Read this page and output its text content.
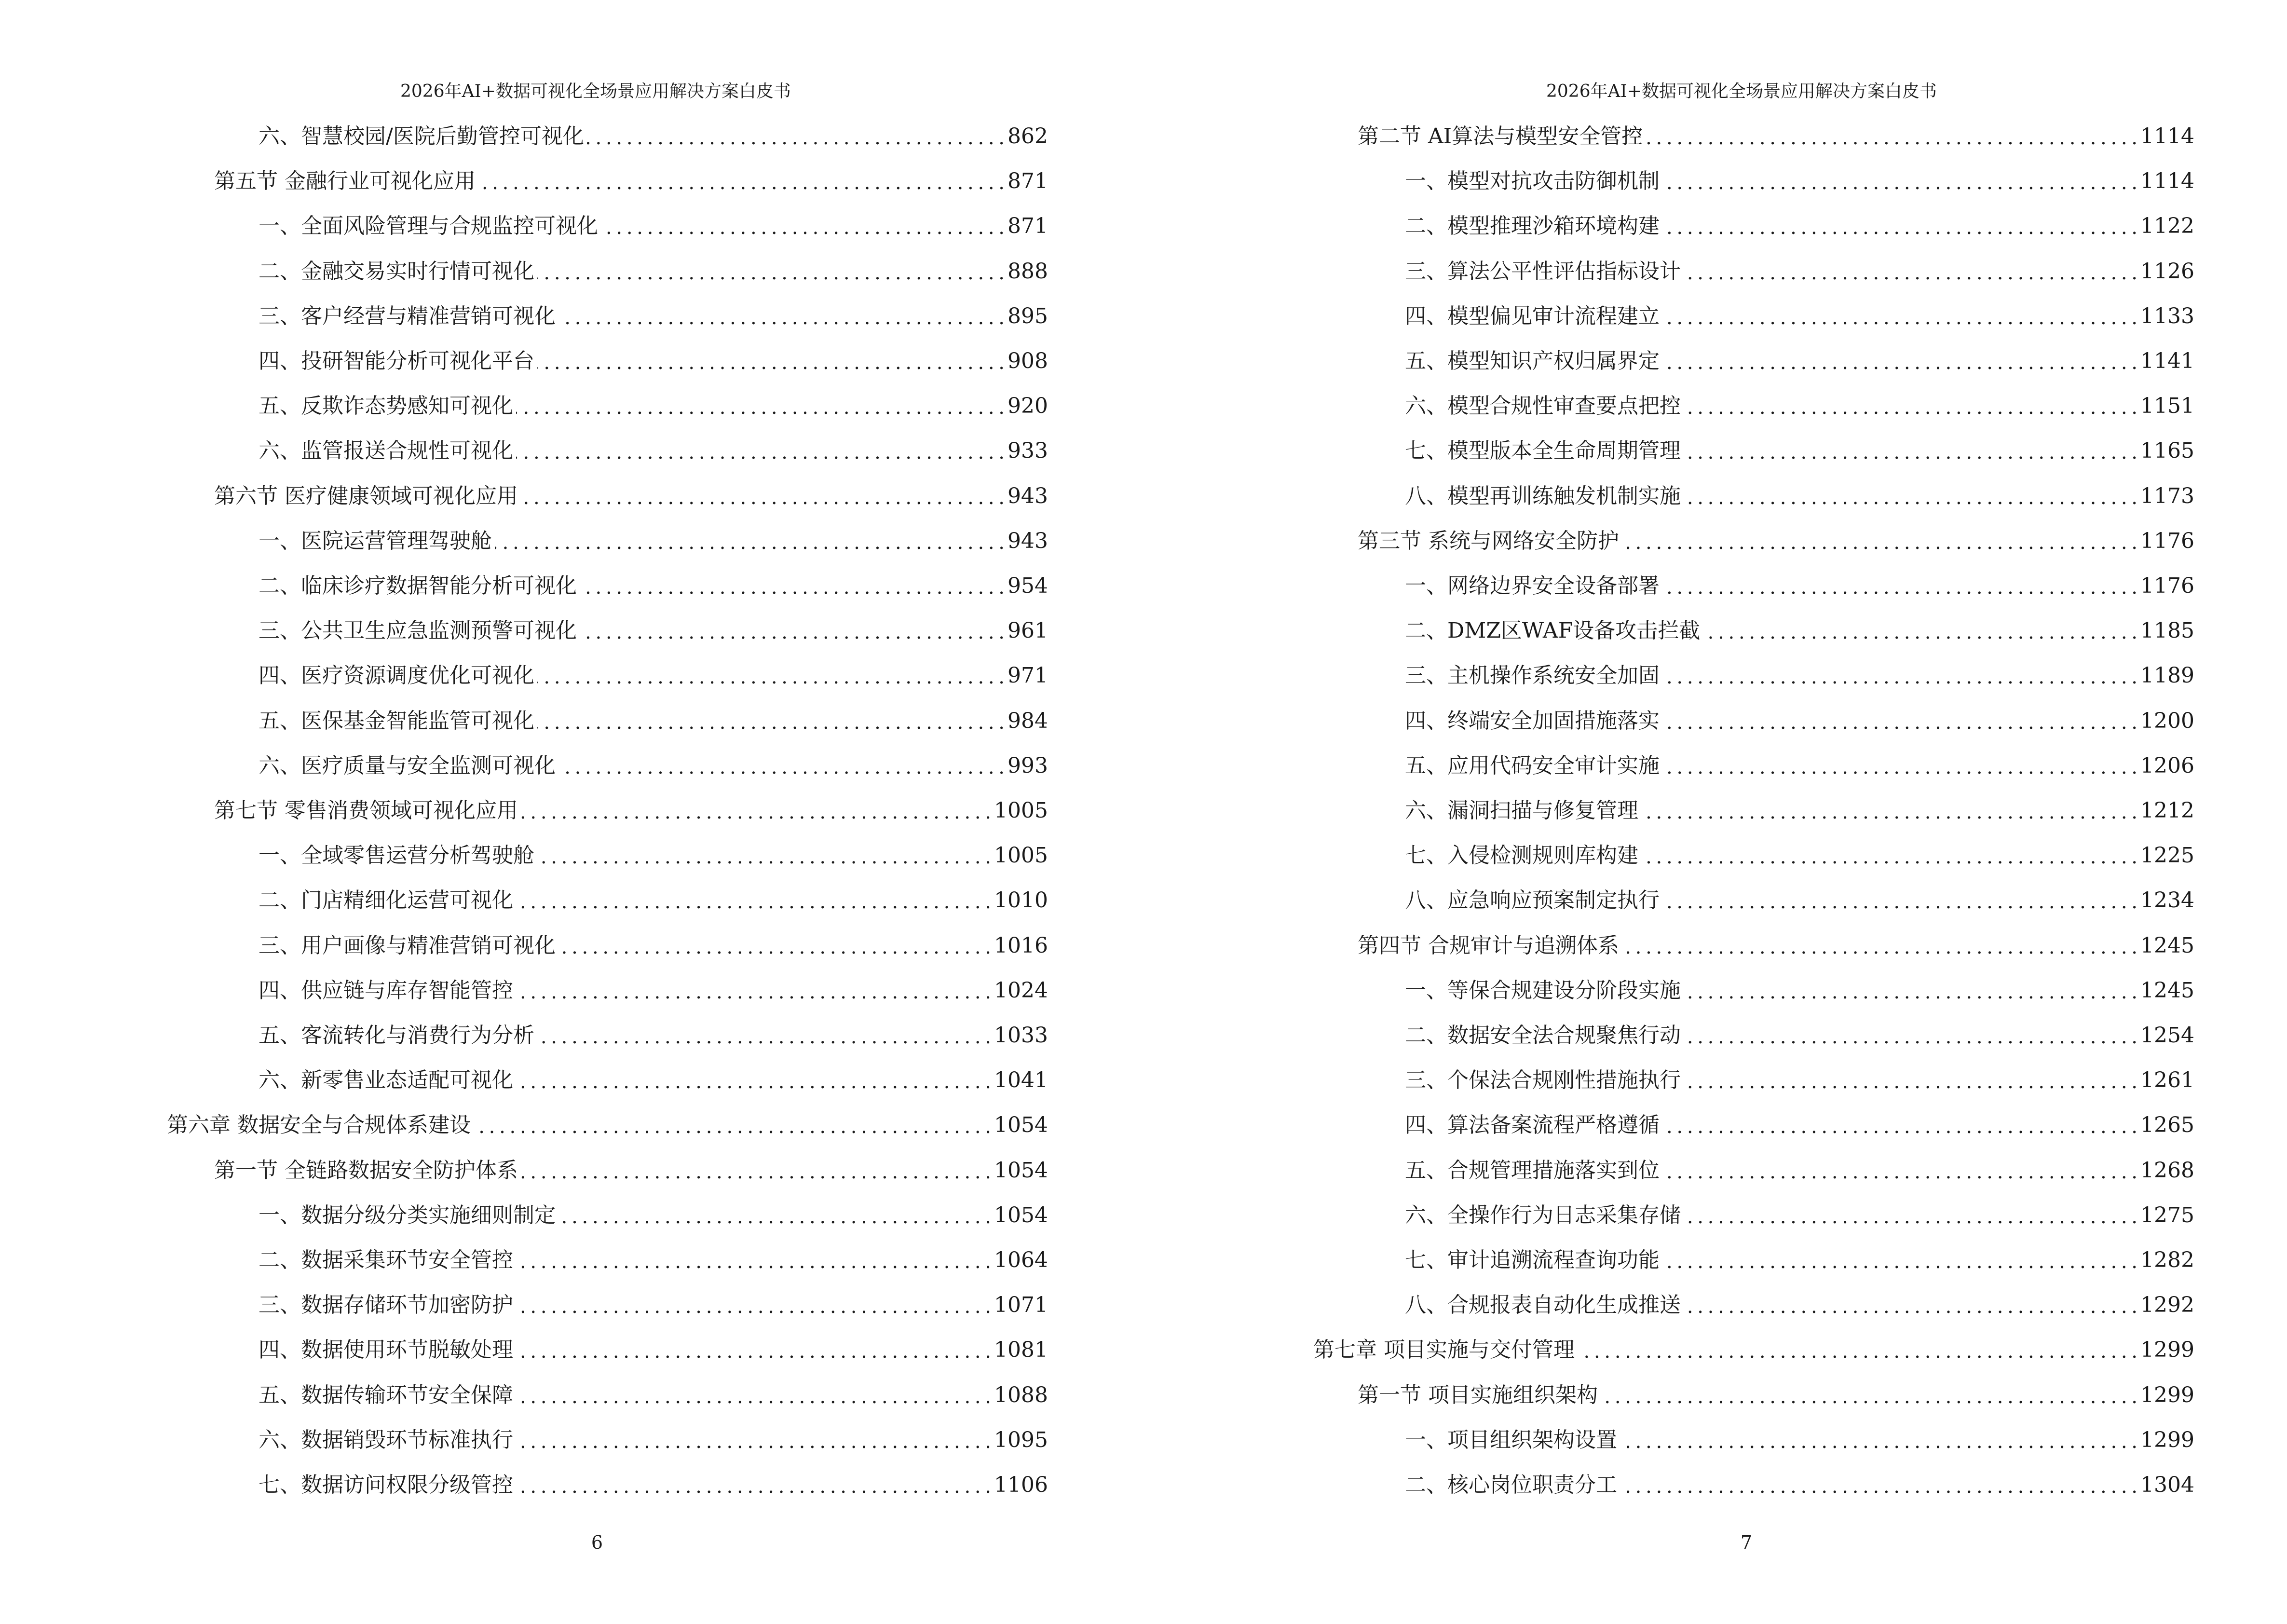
2026年AI+数据可视化全场景应用解决方案白皮书
六、智慧校园/医院后勤管控可视化 . . .	862
第五节 金融行业可视化应用 . . .	871
一、全面风险管理与合规监控可视化 . . .	871
二、金融交易实时行情可视化 . . .	888
三、客户经营与精准营销可视化 . . .	895
四、投研智能分析可视化平台 . . .	908
五、反欺诈态势感知可视化 . . .	920
六、监管报送合规性可视化 . . .	933
第六节 医疗健康领域可视化应用 . . .	943
一、医院运营管理驾驶舱 . . .	943
二、临床诊疗数据智能分析可视化 . . .	954
三、公共卫生应急监测预警可视化 . . .	961
四、医疗资源调度优化可视化 . . .	971
五、医保基金智能监管可视化 . . .	984
六、医疗质量与安全监测可视化 . . .	993
第七节 零售消费领域可视化应用 . . .	1005
一、全域零售运营分析驾驶舱 . . .	1005
二、门店精细化运营可视化 . . .	1010
三、用户画像与精准营销可视化 . . .	1016
四、供应链与库存智能管控 . . .	1024
五、客流转化与消费行为分析 . . .	1033
六、新零售业态适配可视化 . . .	1041
第六章 数据安全与合规体系建设 . . .	1054
第一节 全链路数据安全防护体系 . . .	1054
一、数据分级分类实施细则制定 . . .	1054
二、数据采集环节安全管控 . . .	1064
三、数据存储环节加密防护 . . .	1071
四、数据使用环节脱敏处理 . . .	1081
五、数据传输环节安全保障 . . .	1088
六、数据销毁环节标准执行 . . .	1095
七、数据访问权限分级管控 . . .	1106
6
2026年AI+数据可视化全场景应用解决方案白皮书
第二节 AI算法与模型安全管控 . . .	1114
一、模型对抗攻击防御机制 . . .	1114
二、模型推理沙箱环境构建 . . .	1122
三、算法公平性评估指标设计 . . .	1126
四、模型偏见审计流程建立 . . .	1133
五、模型知识产权归属界定 . . .	1141
六、模型合规性审查要点把控 . . .	1151
七、模型版本全生命周期管理 . . .	1165
八、模型再训练触发机制实施 . . .	1173
第三节 系统与网络安全防护 . . .	1176
一、网络边界安全设备部署 . . .	1176
二、DMZ区WAF设备攻击拦截 . . .	1185
三、主机操作系统安全加固 . . .	1189
四、终端安全加固措施落实 . . .	1200
五、应用代码安全审计实施 . . .	1206
六、漏洞扫描与修复管理 . . .	1212
七、入侵检测规则库构建 . . .	1225
八、应急响应预案制定执行 . . .	1234
第四节 合规审计与追溯体系 . . .	1245
一、等保合规建设分阶段实施 . . .	1245
二、数据安全法合规聚焦行动 . . .	1254
三、个保法合规刚性措施执行 . . .	1261
四、算法备案流程严格遵循 . . .	1265
五、合规管理措施落实到位 . . .	1268
六、全操作行为日志采集存储 . . .	1275
七、审计追溯流程查询功能 . . .	1282
八、合规报表自动化生成推送 . . .	1292
第七章 项目实施与交付管理 . . .	1299
第一节 项目实施组织架构 . . .	1299
一、项目组织架构设置 . . .	1299
二、核心岗位职责分工 . . .	1304
7
